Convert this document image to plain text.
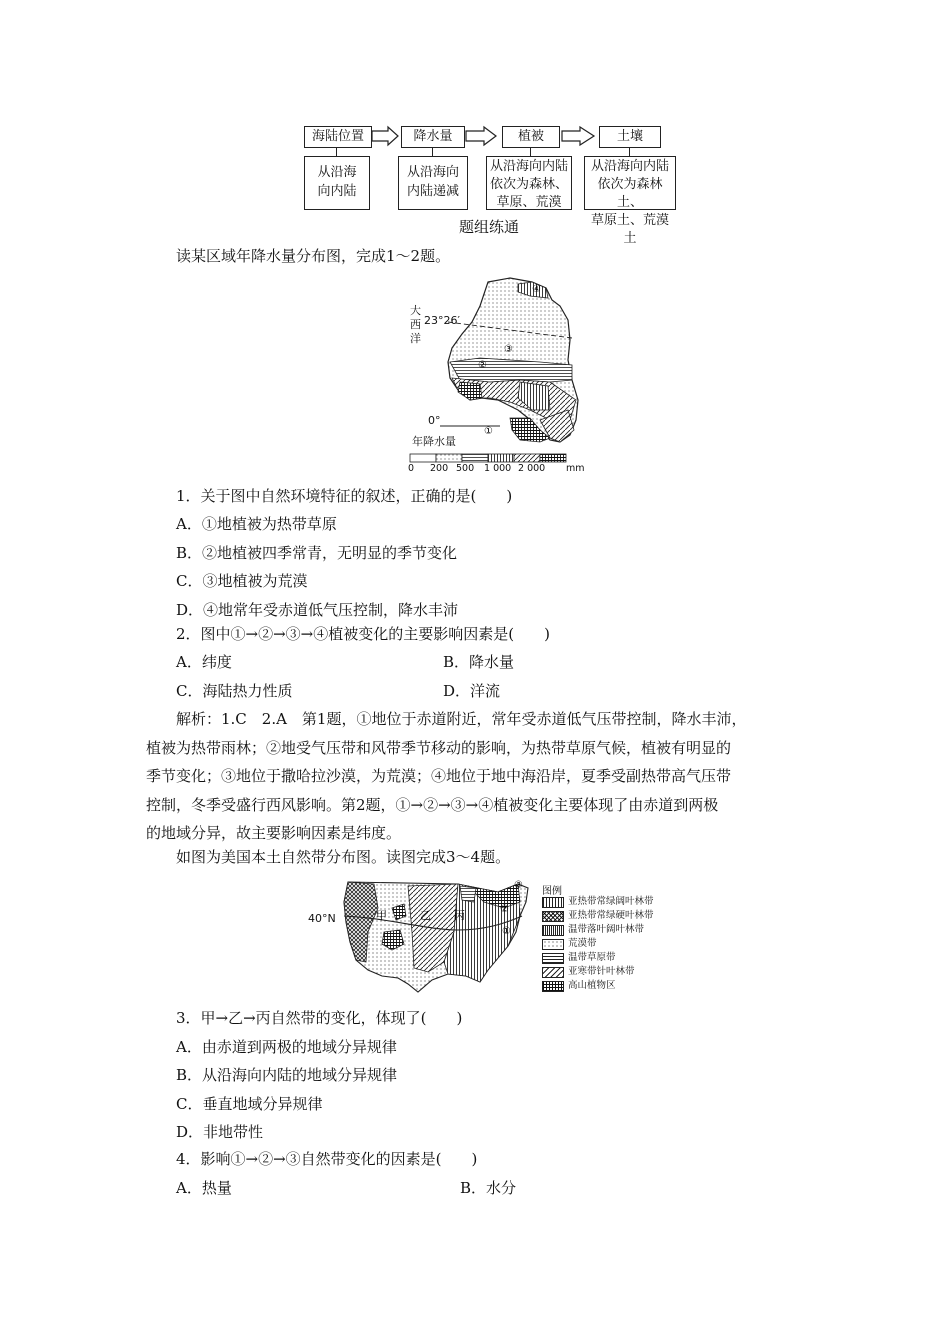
海陆位置	降水量	植被	土壤
从沿海
向内陆
从沿海向
内陆递减
从沿海向内陆
依次为森林、
草原、荒漠
从沿海向内陆
依次为森林土、
草原土、荒漠土
题组练通
读某区域年降水量分布图，完成1～2题。
④
③
②
①
大
西
洋
23°26′
0°
年降水量
0 200 500 1 000 2 000 mm
1．关于图中自然环境特征的叙述，正确的是(　　)
A．①地植被为热带草原
B．②地植被四季常青，无明显的季节变化
C．③地植被为荒漠
D．④地常年受赤道低气压控制，降水丰沛
2．图中①→②→③→④植被变化的主要影响因素是(　　)
A．纬度	B．降水量
C．海陆热力性质	D．洋流
解析：1.C　2.A　第1题，①地位于赤道附近，常年受赤道低气压带控制，降水丰沛，
植被为热带雨林；②地受气压带和风带季节移动的影响，为热带草原气候，植被有明显的
季节变化；③地位于撒哈拉沙漠，为荒漠；④地位于地中海沿岸，夏季受副热带高气压带
控制，冬季受盛行西风影响。第2题，①→②→③→④植被变化主要体现了由赤道到两极
的地域分异，故主要影响因素是纬度。
如图为美国本土自然带分布图。读图完成3～4题。
③
②
①
甲	乙 丙
40°N
图例
亚热带常绿阔叶林带
亚热带常绿硬叶林带
温带落叶阔叶林带
荒漠带
温带草原带
亚寒带针叶林带
高山植物区
3．甲→乙→丙自然带的变化，体现了(　　)
A．由赤道到两极的地域分异规律
B．从沿海向内陆的地域分异规律
C．垂直地域分异规律
D．非地带性
4．影响①→②→③自然带变化的因素是(　　)
A．热量	B．水分
